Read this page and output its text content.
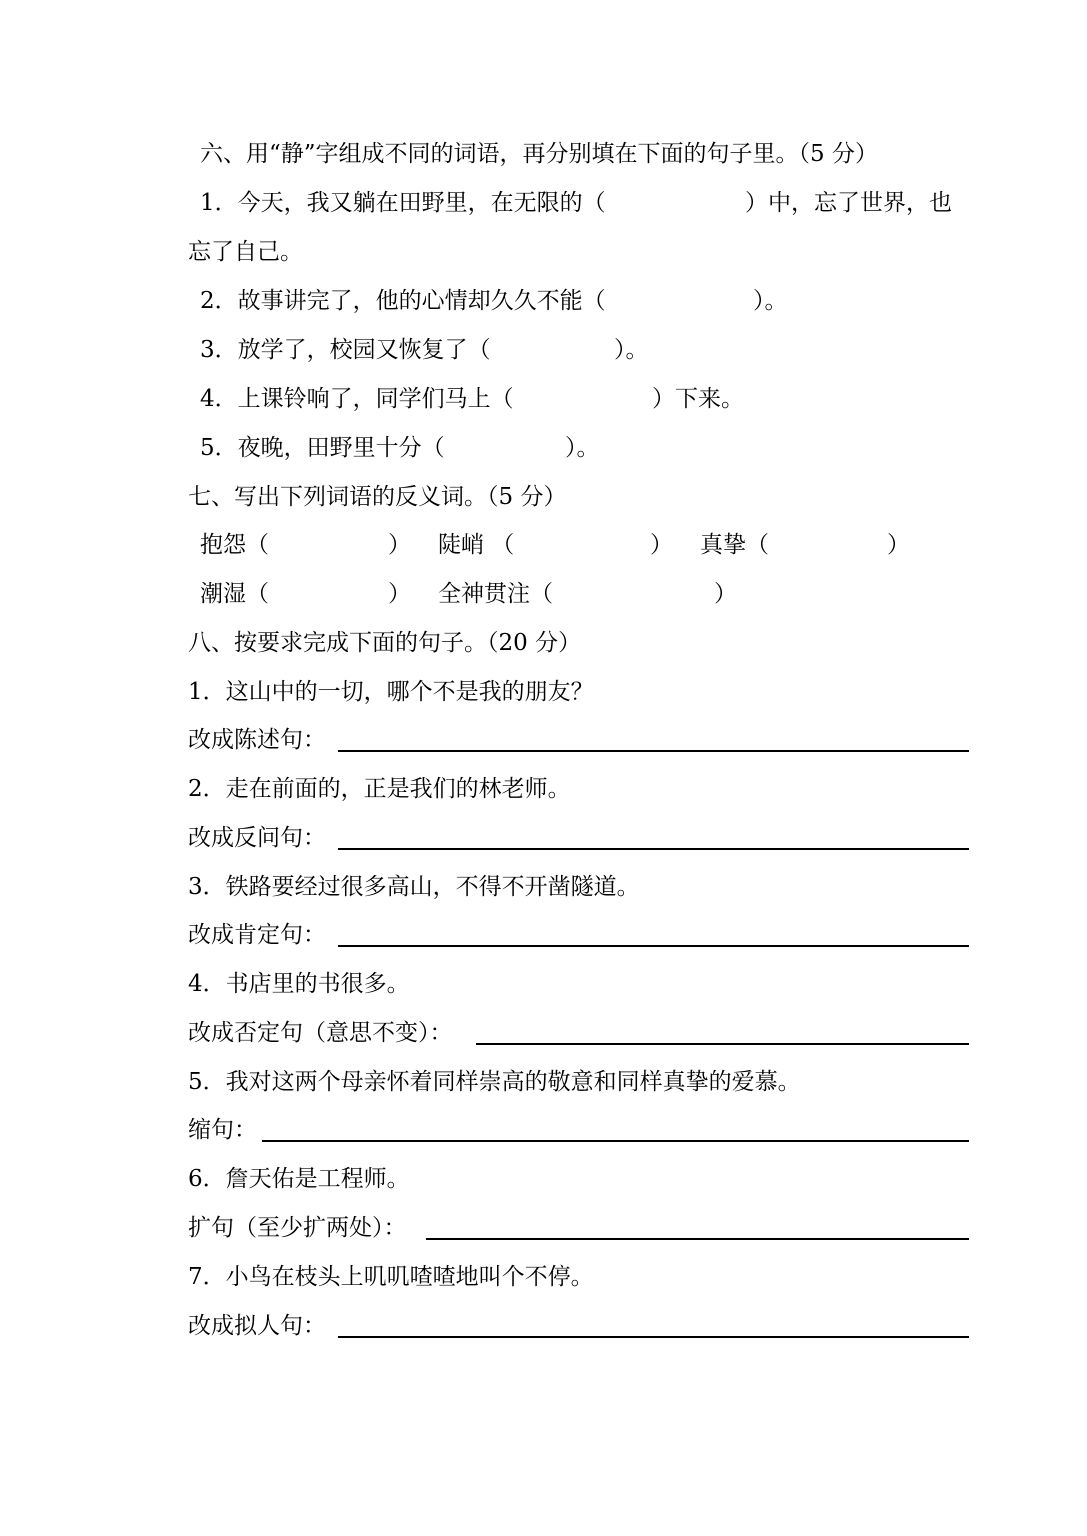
六、用“静”字组成不同的词语，再分别填在下面的句子里。（5 分）
1．今天，我又躺在田野里，在无限的（	）中，忘了世界，也
忘了自己。
2．故事讲完了，他的心情却久久不能（	）。
3．放学了，校园又恢复了（	）。
4．上课铃响了，同学们马上（	）下来。
5．夜晚，田野里十分（	）。
七、写出下列词语的反义词。（5 分）
抱怨（	） 陡峭 （	） 真挚（	）
潮湿（	） 全神贯注（	）
八、按要求完成下面的句子。（20 分）
1．这山中的一切，哪个不是我的朋友？
改成陈述句：
2．走在前面的，正是我们的林老师。
改成反问句：
3．铁路要经过很多高山，不得不开凿隧道。
改成肯定句：
4．书店里的书很多。
改成否定句（意思不变）：
5．我对这两个母亲怀着同样崇高的敬意和同样真挚的爱慕。
缩句：
6．詹天佑是工程师。
扩句（至少扩两处）：
7．小鸟在枝头上叽叽喳喳地叫个不停。
改成拟人句：
